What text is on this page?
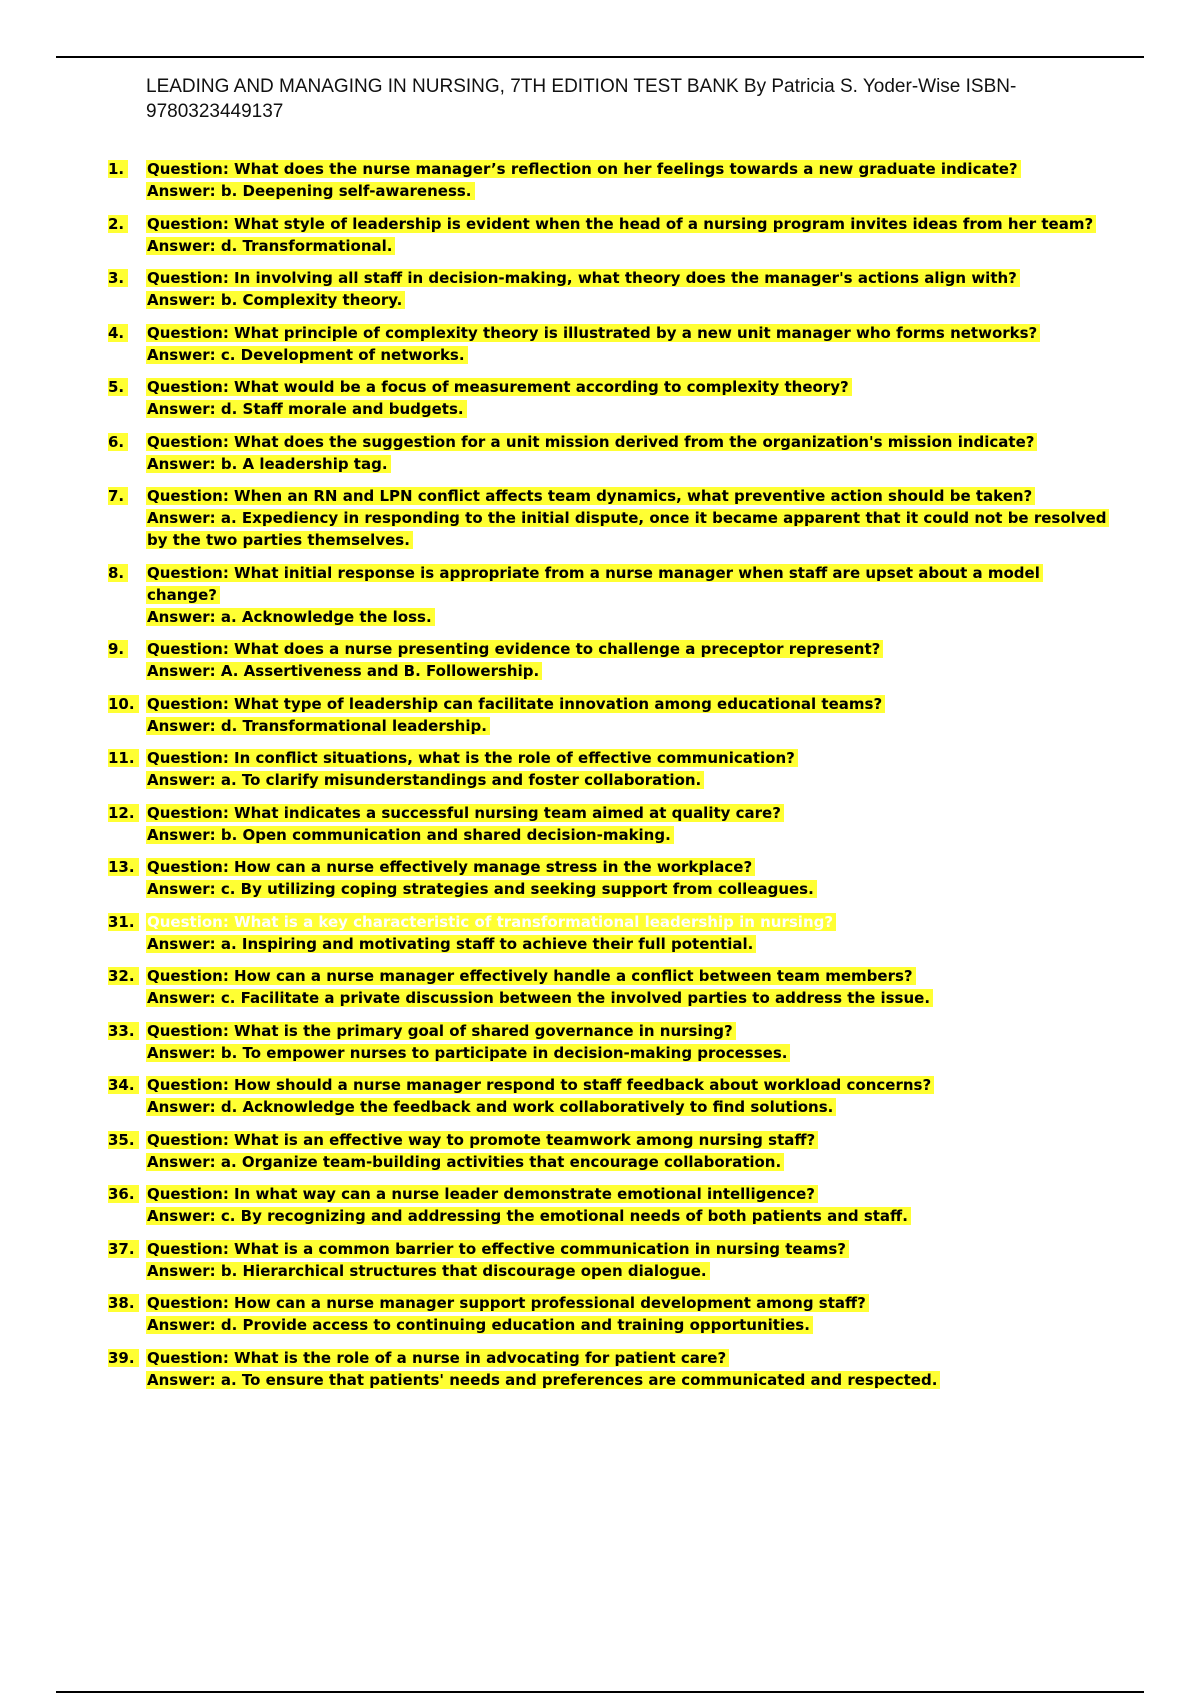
LEADING AND MANAGING IN NURSING, 7TH EDITION TEST BANK By Patricia S. Yoder-Wise ISBN-9780323449137
1.	Question: What does the nurse manager’s reflection on her feelings towards a new graduate indicate?
Answer: b. Deepening self-awareness.
2.	Question: What style of leadership is evident when the head of a nursing program invites ideas from her team?
Answer: d. Transformational.
3.	Question: In involving all staff in decision-making, what theory does the manager's actions align with?
Answer: b. Complexity theory.
4.	Question: What principle of complexity theory is illustrated by a new unit manager who forms networks?
Answer: c. Development of networks.
5.	Question: What would be a focus of measurement according to complexity theory?
Answer: d. Staff morale and budgets.
6.	Question: What does the suggestion for a unit mission derived from the organization's mission indicate?
Answer: b. A leadership tag.
7.	Question: When an RN and LPN conflict affects team dynamics, what preventive action should be taken?
Answer: a. Expediency in responding to the initial dispute, once it became apparent that it could not be resolved by the two parties themselves.
8.	Question: What initial response is appropriate from a nurse manager when staff are upset about a model change?
Answer: a. Acknowledge the loss.
9.	Question: What does a nurse presenting evidence to challenge a preceptor represent?
Answer: A. Assertiveness and B. Followership.
10. Question: What type of leadership can facilitate innovation among educational teams?
Answer: d. Transformational leadership.
11. Question: In conflict situations, what is the role of effective communication?
Answer: a. To clarify misunderstandings and foster collaboration.
12. Question: What indicates a successful nursing team aimed at quality care?
Answer: b. Open communication and shared decision-making.
13. Question: How can a nurse effectively manage stress in the workplace?
Answer: c. By utilizing coping strategies and seeking support from colleagues.
31. Question: What is a key characteristic of transformational leadership in nursing?
Answer: a. Inspiring and motivating staff to achieve their full potential.
32. Question: How can a nurse manager effectively handle a conflict between team members?
Answer: c. Facilitate a private discussion between the involved parties to address the issue.
33. Question: What is the primary goal of shared governance in nursing?
Answer: b. To empower nurses to participate in decision-making processes.
34. Question: How should a nurse manager respond to staff feedback about workload concerns?
Answer: d. Acknowledge the feedback and work collaboratively to find solutions.
35. Question: What is an effective way to promote teamwork among nursing staff?
Answer: a. Organize team-building activities that encourage collaboration.
36. Question: In what way can a nurse leader demonstrate emotional intelligence?
Answer: c. By recognizing and addressing the emotional needs of both patients and staff.
37. Question: What is a common barrier to effective communication in nursing teams?
Answer: b. Hierarchical structures that discourage open dialogue.
38. Question: How can a nurse manager support professional development among staff?
Answer: d. Provide access to continuing education and training opportunities.
39. Question: What is the role of a nurse in advocating for patient care?
Answer: a. To ensure that patients' needs and preferences are communicated and respected.
